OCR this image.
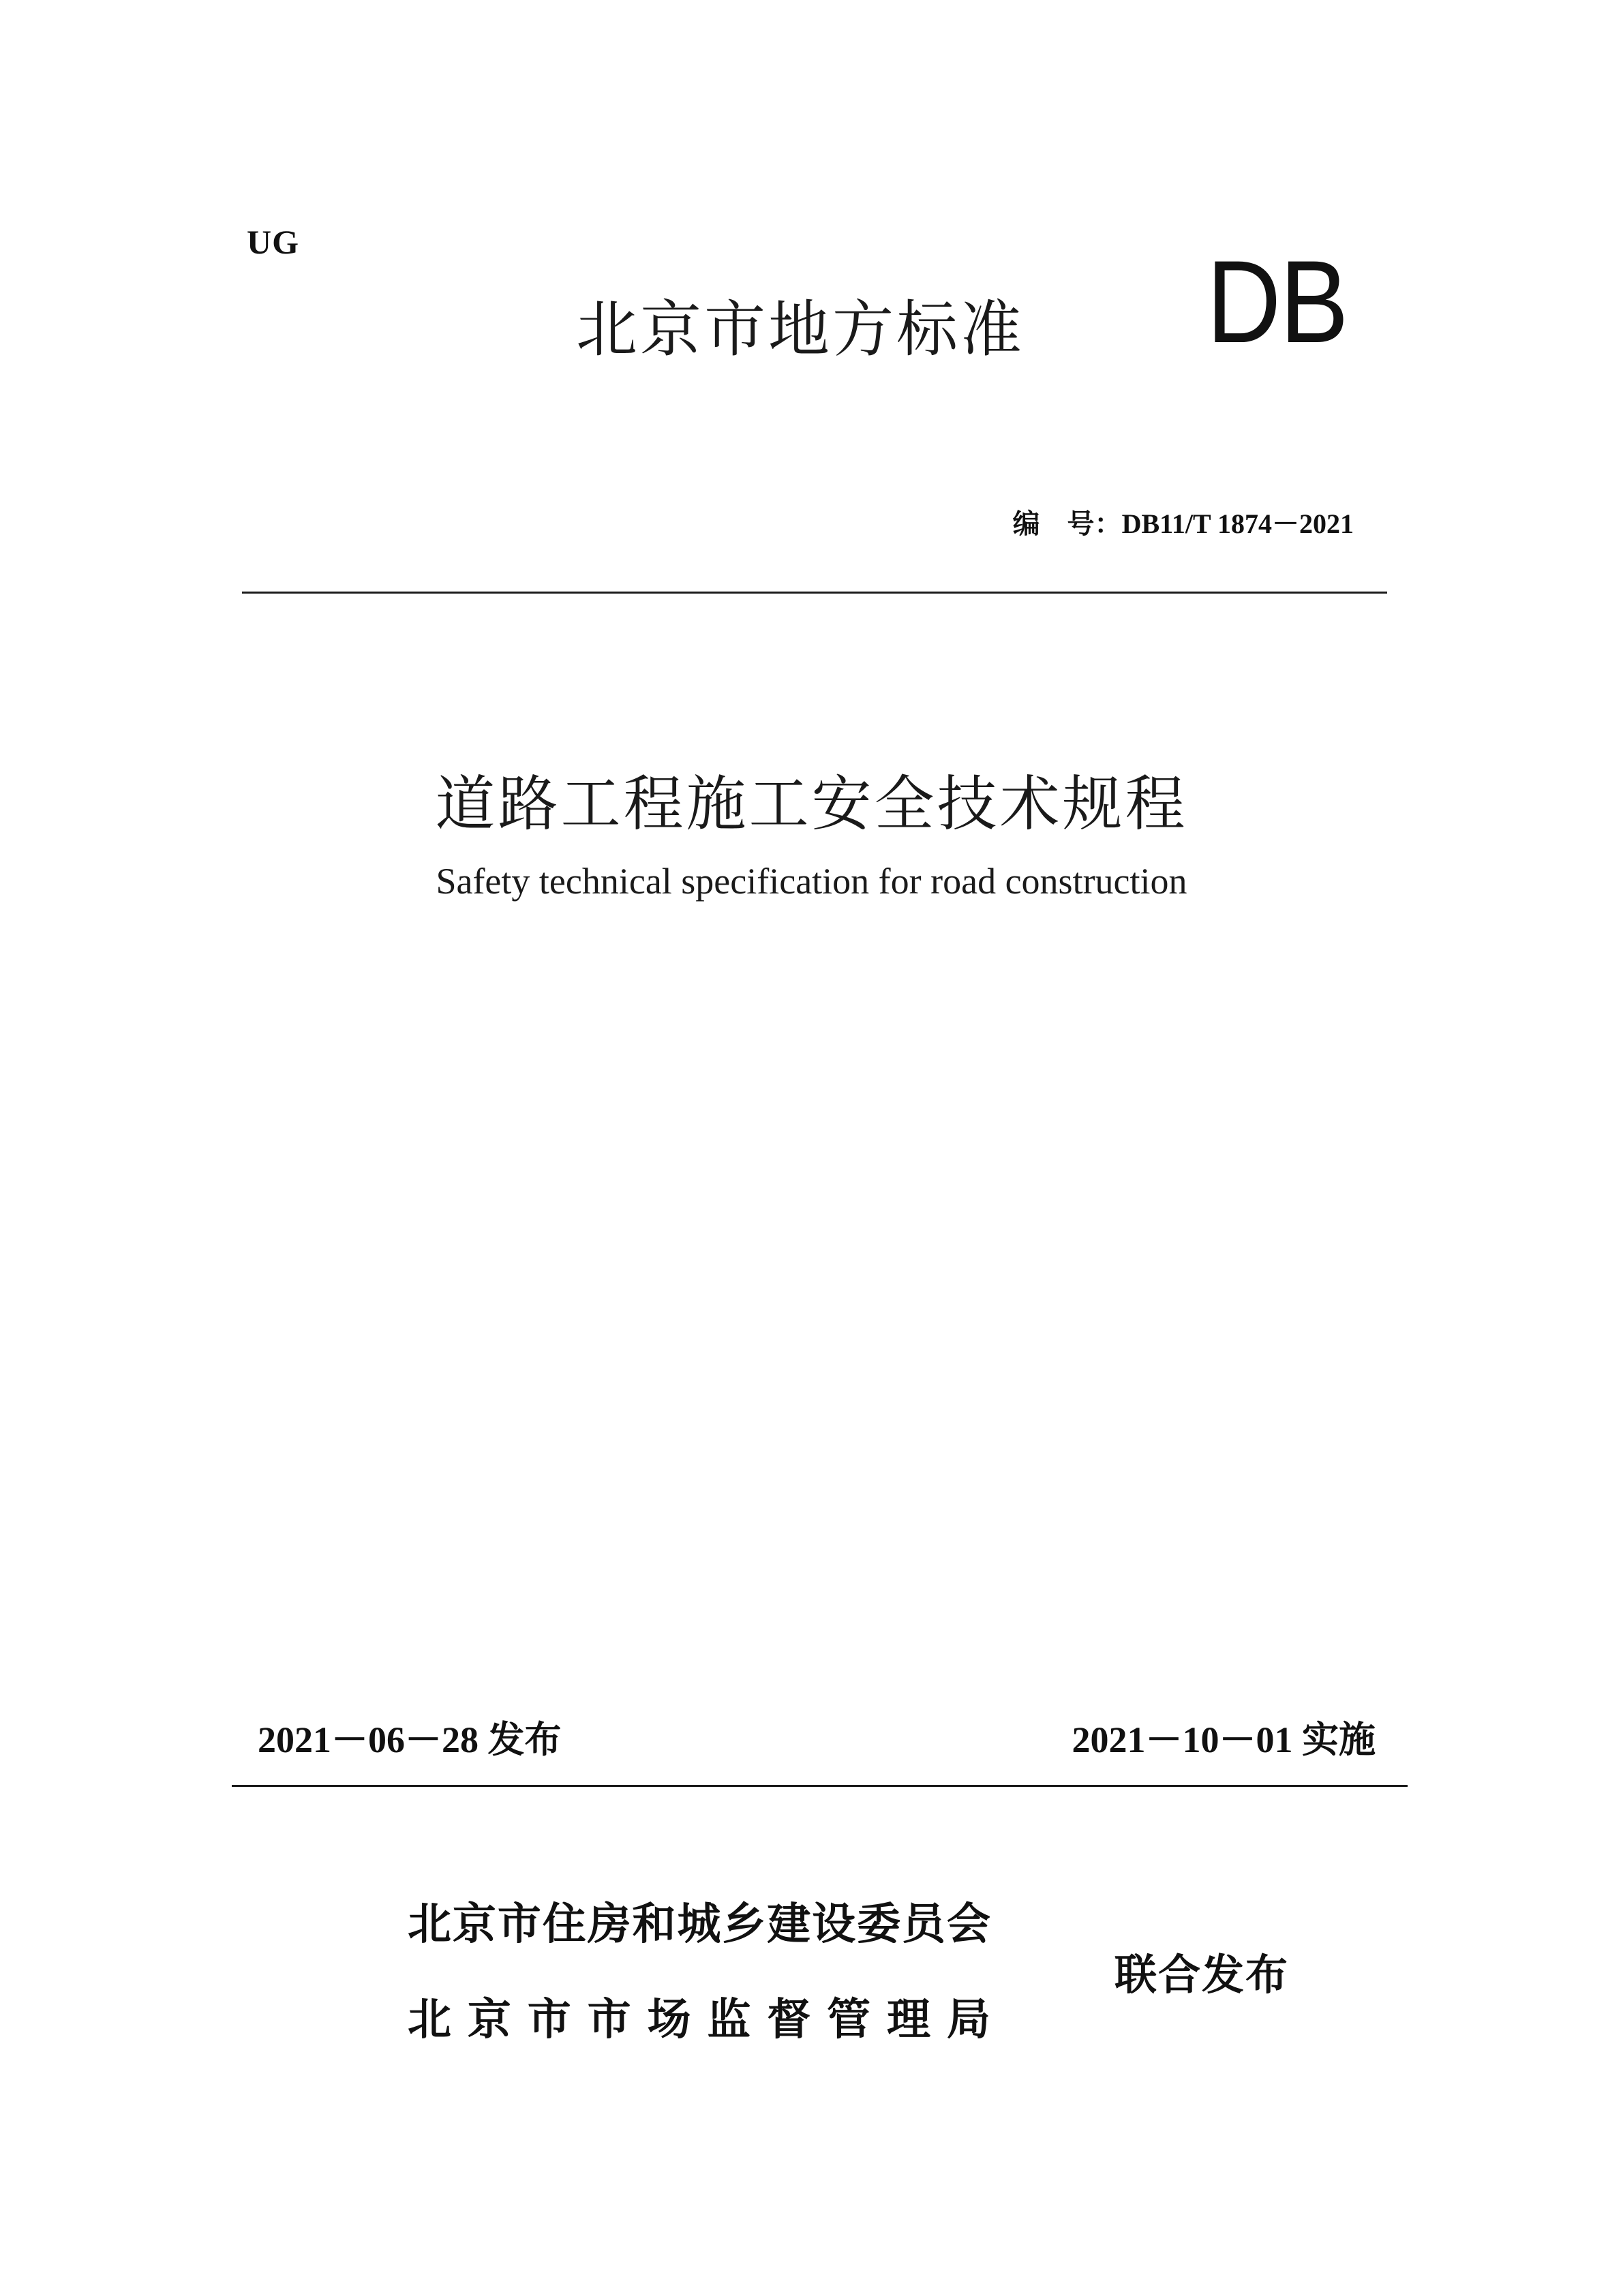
UG
北京市地方标准 DB
编　号：DB11/T 1874－2021
道路工程施工安全技术规程
Safety technical specification for road construction
2021－06－28 发布	2021－10－01 实施
北 京 市 住 房 和 城 乡 建 设 委 员 会
北 京 市 市 场 监 督 管 理 局
联合发布
